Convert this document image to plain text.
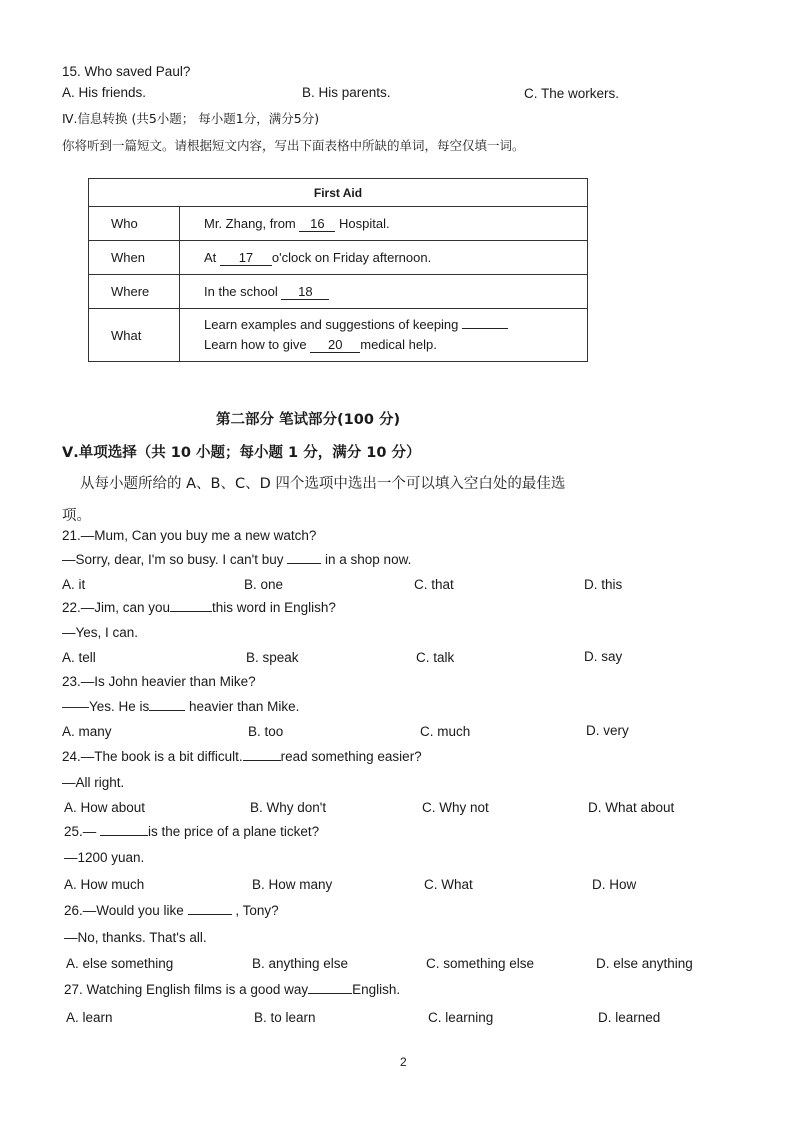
15. Who saved Paul?
A. His friends.	B. His parents.	C. The workers.
Ⅳ.信息转换 (共5小题； 每小题1分，满分5分)
你将听到一篇短文。请根据短文内容，写出下面表格中所缺的单词，每空仅填一词。
First Aid	
Who	Mr. Zhang, from 16 Hospital.
When	At 17 o'clock on Friday afternoon.
Where	In the school 18
What	Learn examples and suggestions of keeping
Learn how to give 20 medical help.
第二部分 笔试部分(100 分)
Ⅴ.单项选择（共 10 小题；每小题 1 分，满分 10 分）
从每小题所给的 A、B、C、D 四个选项中选出一个可以填入空白处的最佳选
项。
21.—Mum, Can you buy me a new watch?
—Sorry, dear, I'm so busy. I can't buy	in a shop now.
A. it	B. one	C. that	D. this
22.—Jim, can you	this word in English?
—Yes, I can.
A. tell	B. speak	C. talk	D. say
23.—Is John heavier than Mike?
——Yes. He is	heavier than Mike.
A. many	B. too	C. much	D. very
24.—The book is a bit difficult.	read something easier?
—All right.
A. How about	B. Why don't	C. Why not	D. What about
25.—	is the price of a plane ticket?
—1200 yuan.
A. How much	B. How many	C. What	D. How
26.—Would you like	, Tony?
—No, thanks. That's all.
A. else something	B. anything else	C. something else	D. else anything
27. Watching English films is a good way	English.
A. learn	B. to learn	C. learning	D. learned
2
